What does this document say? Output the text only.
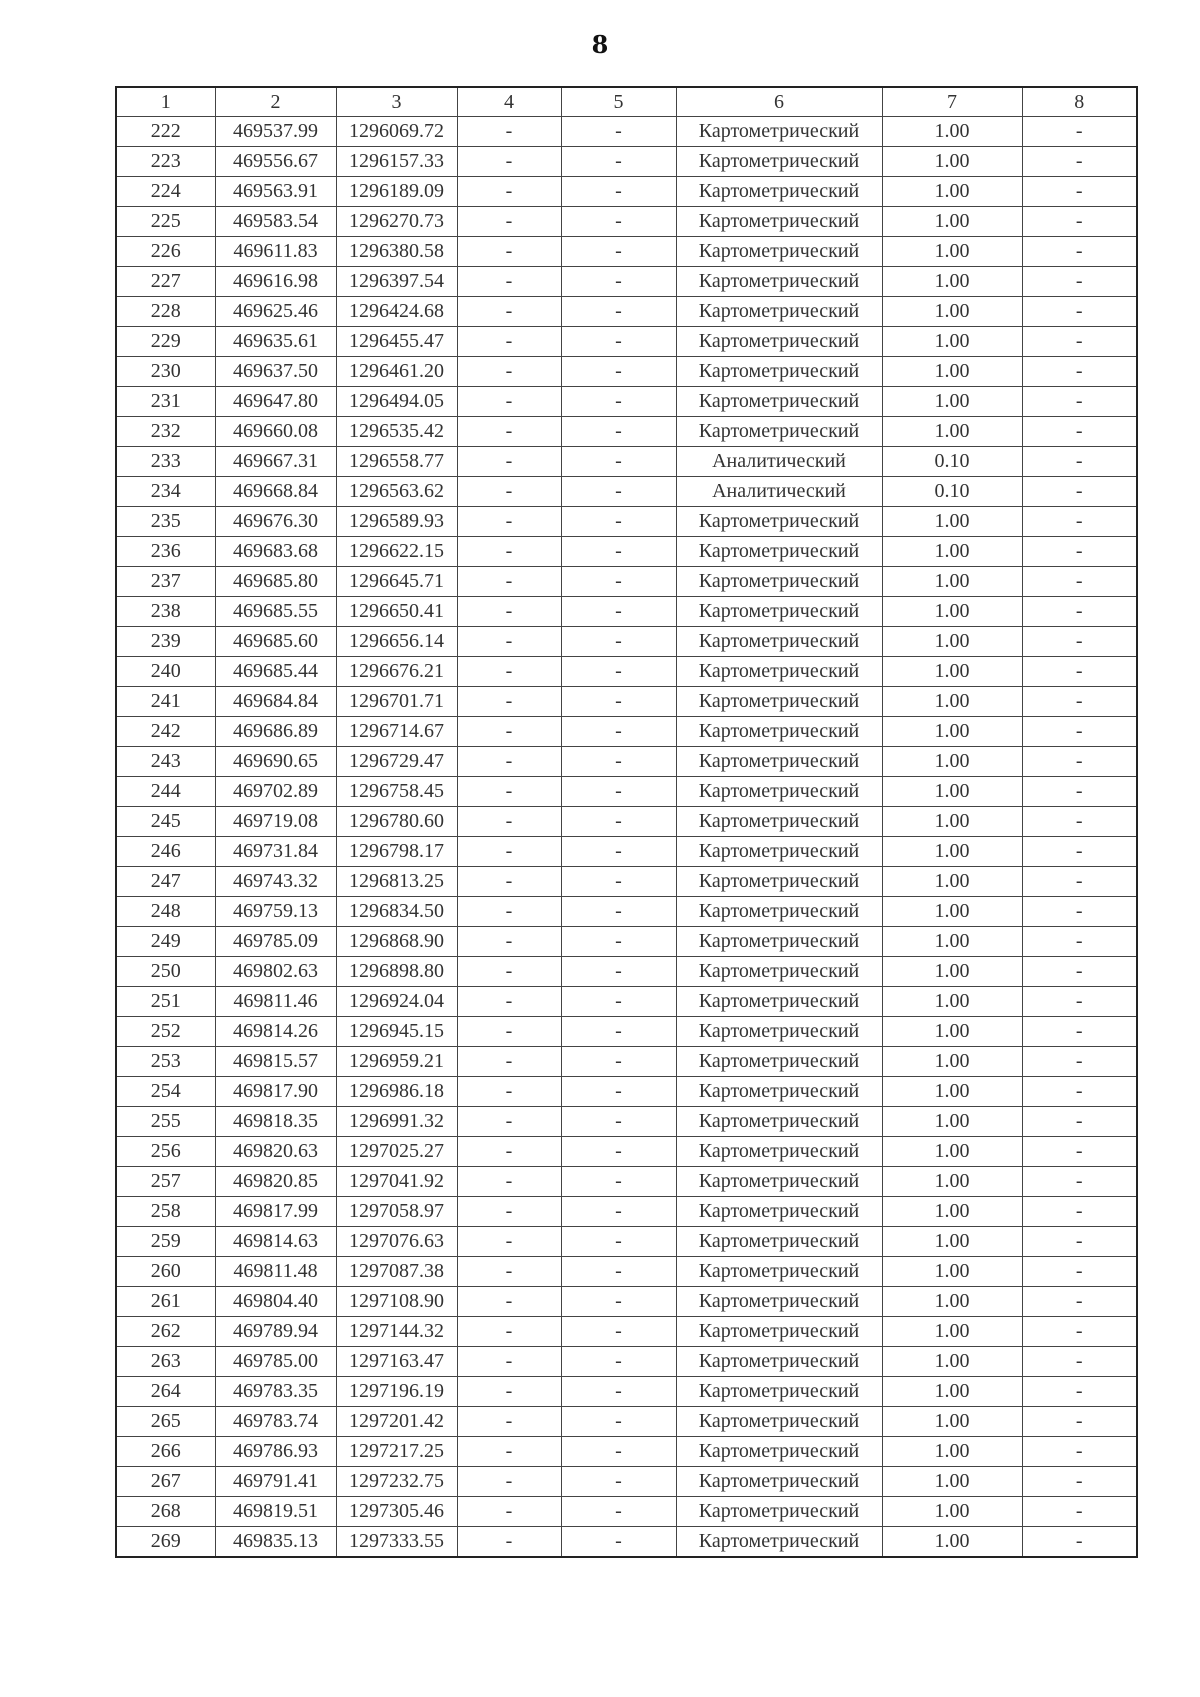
8
1	2	3	4	5	6	7	8
222	469537.99	1296069.72	-	-	Картометрический	1.00	-
223	469556.67	1296157.33	-	-	Картометрический	1.00	-
224	469563.91	1296189.09	-	-	Картометрический	1.00	-
225	469583.54	1296270.73	-	-	Картометрический	1.00	-
226	469611.83	1296380.58	-	-	Картометрический	1.00	-
227	469616.98	1296397.54	-	-	Картометрический	1.00	-
228	469625.46	1296424.68	-	-	Картометрический	1.00	-
229	469635.61	1296455.47	-	-	Картометрический	1.00	-
230	469637.50	1296461.20	-	-	Картометрический	1.00	-
231	469647.80	1296494.05	-	-	Картометрический	1.00	-
232	469660.08	1296535.42	-	-	Картометрический	1.00	-
233	469667.31	1296558.77	-	-	Аналитический	0.10	-
234	469668.84	1296563.62	-	-	Аналитический	0.10	-
235	469676.30	1296589.93	-	-	Картометрический	1.00	-
236	469683.68	1296622.15	-	-	Картометрический	1.00	-
237	469685.80	1296645.71	-	-	Картометрический	1.00	-
238	469685.55	1296650.41	-	-	Картометрический	1.00	-
239	469685.60	1296656.14	-	-	Картометрический	1.00	-
240	469685.44	1296676.21	-	-	Картометрический	1.00	-
241	469684.84	1296701.71	-	-	Картометрический	1.00	-
242	469686.89	1296714.67	-	-	Картометрический	1.00	-
243	469690.65	1296729.47	-	-	Картометрический	1.00	-
244	469702.89	1296758.45	-	-	Картометрический	1.00	-
245	469719.08	1296780.60	-	-	Картометрический	1.00	-
246	469731.84	1296798.17	-	-	Картометрический	1.00	-
247	469743.32	1296813.25	-	-	Картометрический	1.00	-
248	469759.13	1296834.50	-	-	Картометрический	1.00	-
249	469785.09	1296868.90	-	-	Картометрический	1.00	-
250	469802.63	1296898.80	-	-	Картометрический	1.00	-
251	469811.46	1296924.04	-	-	Картометрический	1.00	-
252	469814.26	1296945.15	-	-	Картометрический	1.00	-
253	469815.57	1296959.21	-	-	Картометрический	1.00	-
254	469817.90	1296986.18	-	-	Картометрический	1.00	-
255	469818.35	1296991.32	-	-	Картометрический	1.00	-
256	469820.63	1297025.27	-	-	Картометрический	1.00	-
257	469820.85	1297041.92	-	-	Картометрический	1.00	-
258	469817.99	1297058.97	-	-	Картометрический	1.00	-
259	469814.63	1297076.63	-	-	Картометрический	1.00	-
260	469811.48	1297087.38	-	-	Картометрический	1.00	-
261	469804.40	1297108.90	-	-	Картометрический	1.00	-
262	469789.94	1297144.32	-	-	Картометрический	1.00	-
263	469785.00	1297163.47	-	-	Картометрический	1.00	-
264	469783.35	1297196.19	-	-	Картометрический	1.00	-
265	469783.74	1297201.42	-	-	Картометрический	1.00	-
266	469786.93	1297217.25	-	-	Картометрический	1.00	-
267	469791.41	1297232.75	-	-	Картометрический	1.00	-
268	469819.51	1297305.46	-	-	Картометрический	1.00	-
269	469835.13	1297333.55	-	-	Картометрический	1.00	-
